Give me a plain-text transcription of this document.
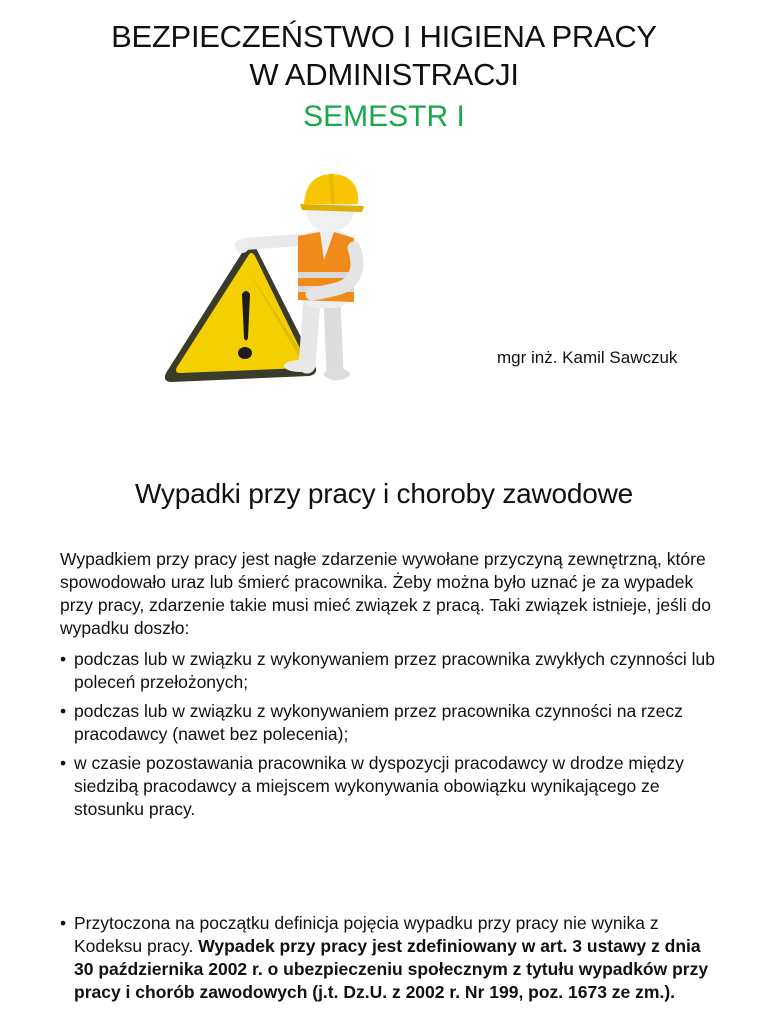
BEZPIECZEŃSTWO I HIGIENA PRACY
W ADMINISTRACJI
SEMESTR I
mgr inż. Kamil Sawczuk
Wypadki przy pracy i choroby zawodowe

Wypadkiem przy pracy jest nagłe zdarzenie wywołane przyczyną zewnętrzną, które spowodowało uraz lub śmierć pracownika. Żeby można było uznać je za wypadek przy pracy, zdarzenie takie musi mieć związek z pracą. Taki związek istnieje, jeśli do wypadku doszło:

• podczas lub w związku z wykonywaniem przez pracownika zwykłych czynności lub poleceń przełożonych;
• podczas lub w związku z wykonywaniem przez pracownika czynności na rzecz pracodawcy (nawet bez polecenia);
• w czasie pozostawania pracownika w dyspozycji pracodawcy w drodze między siedzibą pracodawcy a miejscem wykonywania obowiązku wynikającego ze stosunku pracy.
• Przytoczona na początku definicja pojęcia wypadku przy pracy nie wynika z Kodeksu pracy. Wypadek przy pracy jest zdefiniowany w art. 3 ustawy z dnia 30 października 2002 r. o ubezpieczeniu społecznym z tytułu wypadków przy pracy i chorób zawodowych (j.t. Dz.U. z 2002 r. Nr 199, poz. 1673 ze zm.).
